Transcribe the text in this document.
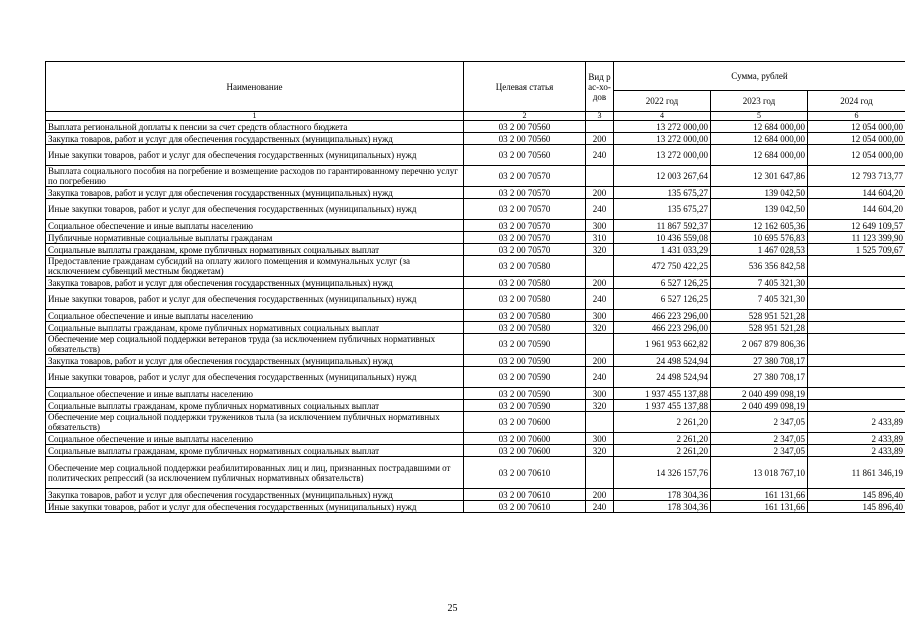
Наименование	Целевая статья	Вид рас-хо-дов	Сумма, рублей		
			2022 год	2023 год	2024 год
1	2	3	4	5	6
Выплата региональной доплаты к пенсии за счет средств областного бюджета	03 2 00 70560		13 272 000,00	12 684 000,00	12 054 000,00
Закупка товаров, работ и услуг для обеспечения государственных (муниципальных) нужд	03 2 00 70560	200	13 272 000,00	12 684 000,00	12 054 000,00
Иные закупки товаров, работ и услуг для обеспечения государственных (муниципальных) нужд	03 2 00 70560	240	13 272 000,00	12 684 000,00	12 054 000,00
Выплата социального пособия на погребение и возмещение расходов по гарантированному перечню услуг по погребению	03 2 00 70570		12 003 267,64	12 301 647,86	12 793 713,77
Закупка товаров, работ и услуг для обеспечения государственных (муниципальных) нужд	03 2 00 70570	200	135 675,27	139 042,50	144 604,20
Иные закупки товаров, работ и услуг для обеспечения государственных (муниципальных) нужд	03 2 00 70570	240	135 675,27	139 042,50	144 604,20
Социальное обеспечение и иные выплаты населению	03 2 00 70570	300	11 867 592,37	12 162 605,36	12 649 109,57
Публичные нормативные социальные выплаты гражданам	03 2 00 70570	310	10 436 559,08	10 695 576,83	11 123 399,90
Социальные выплаты гражданам, кроме публичных нормативных социальных выплат	03 2 00 70570	320	1 431 033,29	1 467 028,53	1 525 709,67
Предоставление гражданам субсидий на оплату жилого помещения и коммунальных услуг (за исключением субвенций местным бюджетам)	03 2 00 70580		472 750 422,25	536 356 842,58	
Закупка товаров, работ и услуг для обеспечения государственных (муниципальных) нужд	03 2 00 70580	200	6 527 126,25	7 405 321,30	
Иные закупки товаров, работ и услуг для обеспечения государственных (муниципальных) нужд	03 2 00 70580	240	6 527 126,25	7 405 321,30	
Социальное обеспечение и иные выплаты населению	03 2 00 70580	300	466 223 296,00	528 951 521,28	
Социальные выплаты гражданам, кроме публичных нормативных социальных выплат	03 2 00 70580	320	466 223 296,00	528 951 521,28	
Обеспечение мер социальной поддержки ветеранов труда (за исключением публичных нормативных обязательств)	03 2 00 70590		1 961 953 662,82	2 067 879 806,36	
Закупка товаров, работ и услуг для обеспечения государственных (муниципальных) нужд	03 2 00 70590	200	24 498 524,94	27 380 708,17	
Иные закупки товаров, работ и услуг для обеспечения государственных (муниципальных) нужд	03 2 00 70590	240	24 498 524,94	27 380 708,17	
Социальное обеспечение и иные выплаты населению	03 2 00 70590	300	1 937 455 137,88	2 040 499 098,19	
Социальные выплаты гражданам, кроме публичных нормативных социальных выплат	03 2 00 70590	320	1 937 455 137,88	2 040 499 098,19	
Обеспечение мер социальной поддержки тружеников тыла (за исключением публичных нормативных обязательств)	03 2 00 70600		2 261,20	2 347,05	2 433,89
Социальное обеспечение и иные выплаты населению	03 2 00 70600	300	2 261,20	2 347,05	2 433,89
Социальные выплаты гражданам, кроме публичных нормативных социальных выплат	03 2 00 70600	320	2 261,20	2 347,05	2 433,89
Обеспечение мер социальной поддержки реабилитированных лиц и лиц, признанных пострадавшими от политических репрессий (за исключением публичных нормативных обязательств)	03 2 00 70610		14 326 157,76	13 018 767,10	11 861 346,19
Закупка товаров, работ и услуг для обеспечения государственных (муниципальных) нужд	03 2 00 70610	200	178 304,36	161 131,66	145 896,40
Иные закупки товаров, работ и услуг для обеспечения государственных (муниципальных) нужд	03 2 00 70610	240	178 304,36	161 131,66	145 896,40
25
